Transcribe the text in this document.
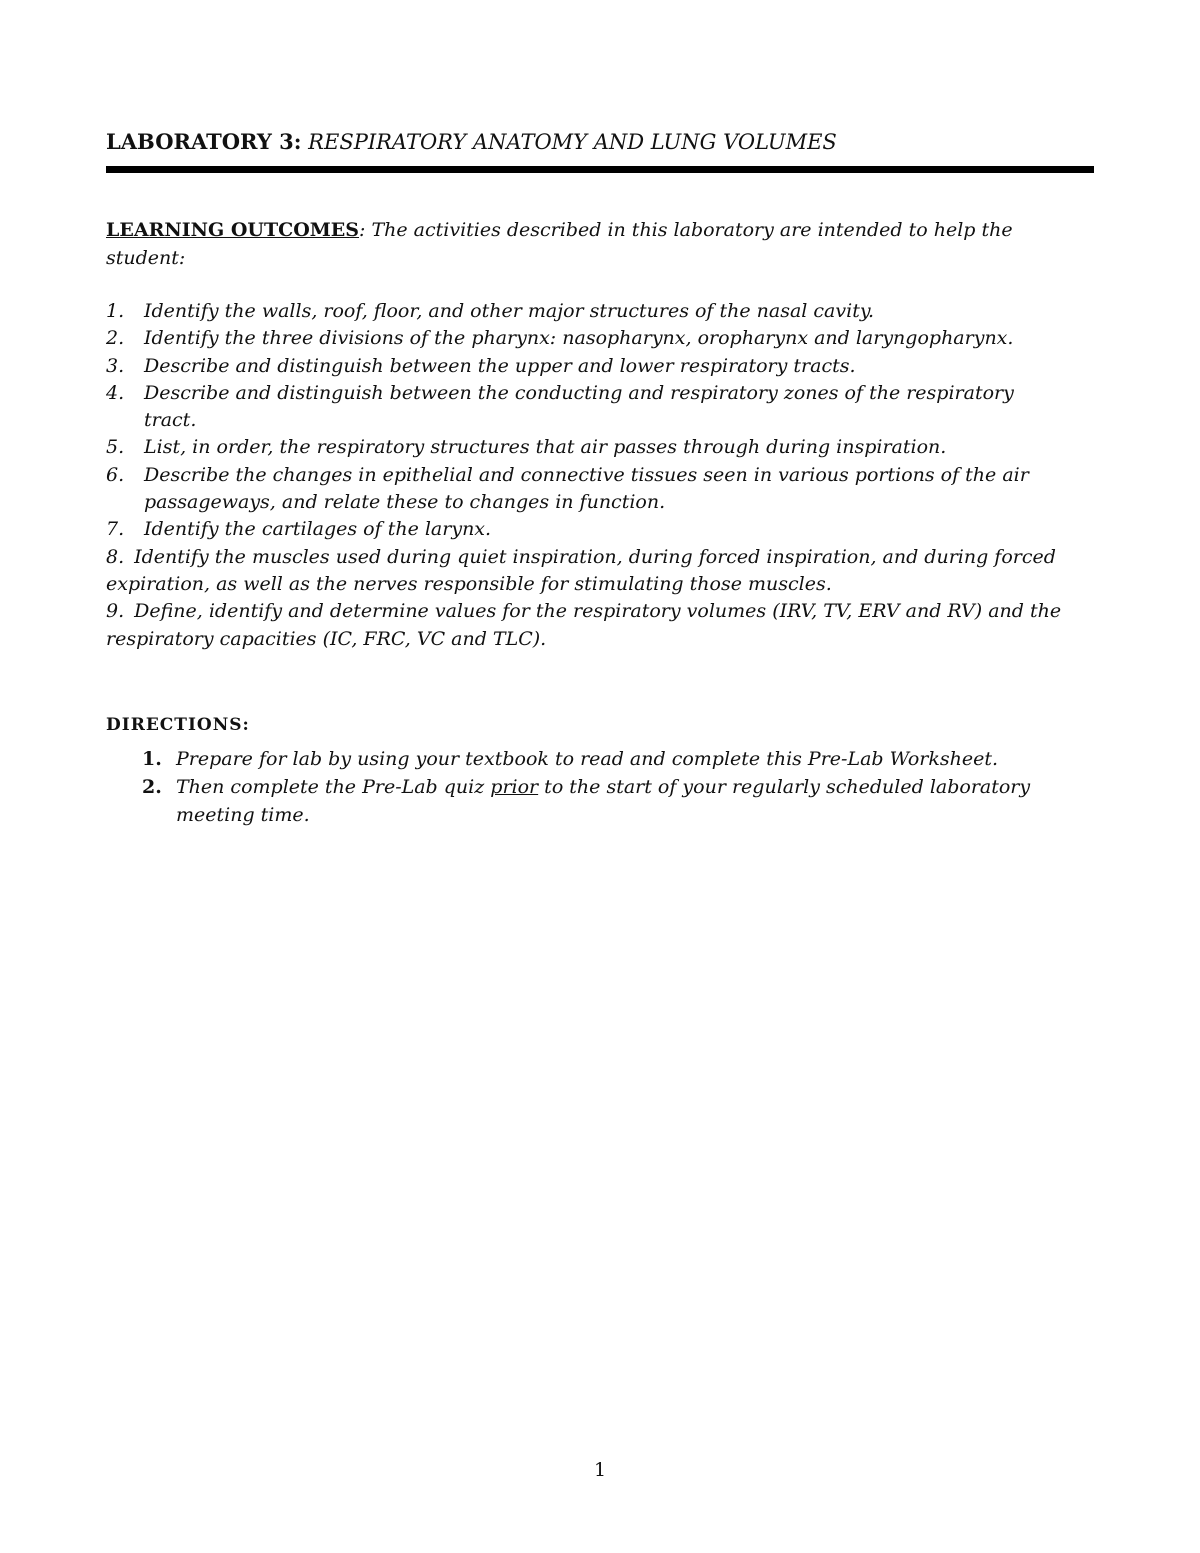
LABORATORY 3: RESPIRATORY ANATOMY AND LUNG VOLUMES
LEARNING OUTCOMES: The activities described in this laboratory are intended to help the student:
1. Identify the walls, roof, floor, and other major structures of the nasal cavity.
2. Identify the three divisions of the pharynx: nasopharynx, oropharynx and laryngopharynx.
3. Describe and distinguish between the upper and lower respiratory tracts.
4. Describe and distinguish between the conducting and respiratory zones of the respiratory tract.
5. List, in order, the respiratory structures that air passes through during inspiration.
6. Describe the changes in epithelial and connective tissues seen in various portions of the air passageways, and relate these to changes in function.
7. Identify the cartilages of the larynx.
8. Identify the muscles used during quiet inspiration, during forced inspiration, and during forced expiration, as well as the nerves responsible for stimulating those muscles.
9. Define, identify and determine values for the respiratory volumes (IRV, TV, ERV and RV) and the respiratory capacities (IC, FRC, VC and TLC).
DIRECTIONS:
1. Prepare for lab by using your textbook to read and complete this Pre-Lab Worksheet.
2. Then complete the Pre-Lab quiz prior to the start of your regularly scheduled laboratory meeting time.
1
